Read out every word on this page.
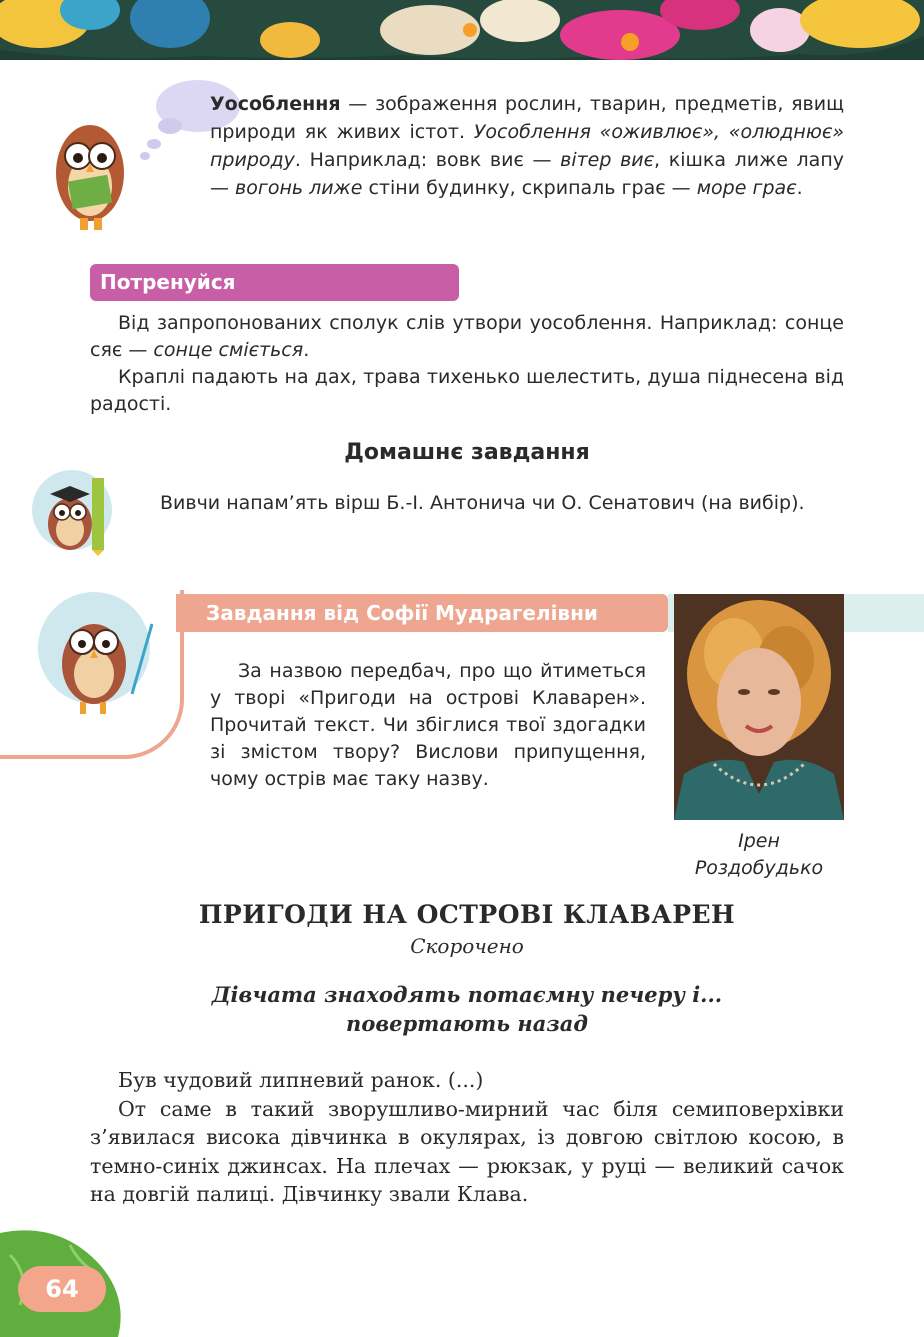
Уособлення — зображення рослин, тварин, предметів, явищ природи як живих істот. Уособлення «оживлює», «олюднює» природу. Наприклад: вовк виє — вітер виє, кішка лиже лапу — вогонь лиже стіни будинку, скрипаль грає — море грає.
Потренуйся
Від запропонованих сполук слів утвори уособлення. Наприклад: сонце сяє — сонце сміється.
Краплі падають на дах, трава тихенько шелестить, душа піднесена від радості.
Домашнє завдання
Вивчи напам’ять вірш Б.-І. Антонича чи О. Сенатович (на вибір).
Завдання від Софії Мудрагелівни
За назвою передбач, про що йтиметься у творі «Пригоди на острові Клаварен». Прочитай текст. Чи збіглися твої здогадки зі змістом твору? Вислови припущення, чому острів має таку назву.
Ірен
Роздобудько
ПРИГОДИ НА ОСТРОВІ КЛАВАРЕН
Скорочено
Дівчата знаходять потаємну печеру і...
повертають назад
Був чудовий липневий ранок. (...)
От саме в такий зворушливо-мирний час біля семиповерхівки з’явилася висока дівчинка в окулярах, із довгою світлою косою, в темно-синіх джинсах. На плечах — рюкзак, у руці — великий сачок на довгій палиці. Дівчинку звали Клава.
64
